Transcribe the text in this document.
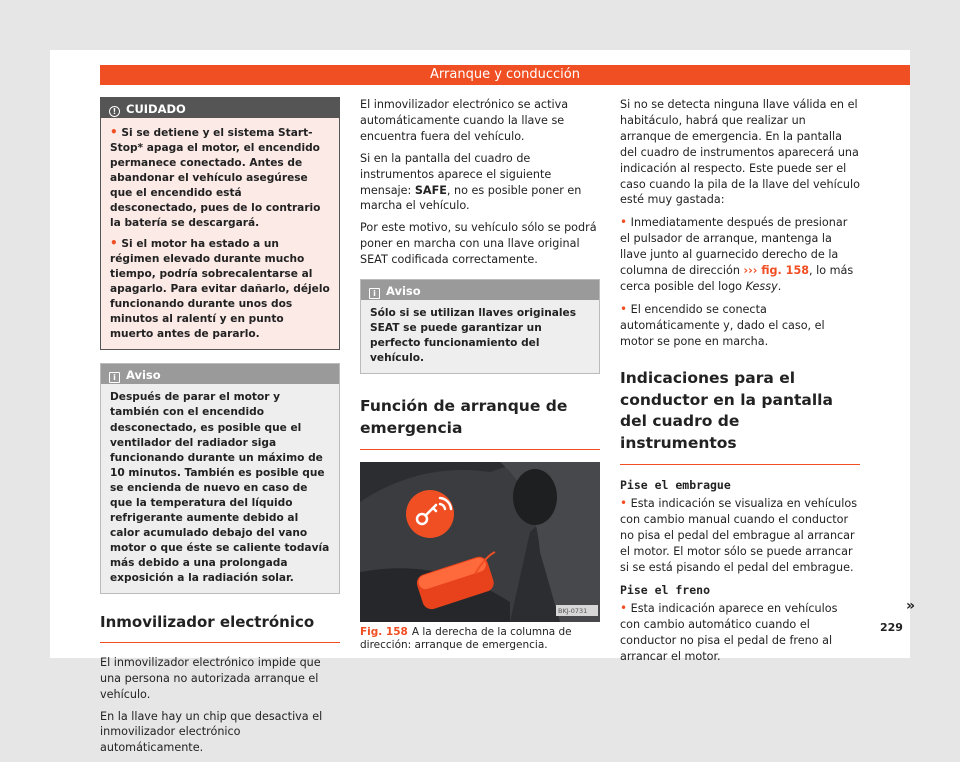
Arranque y conducción
! CUIDADO

• Si se detiene y el sistema Start-Stop* apaga el motor, el encendido permanece conectado. Antes de abandonar el vehículo asegúrese que el encendido está desconectado, pues de lo contrario la batería se descargará.

• Si el motor ha estado a un régimen elevado durante mucho tiempo, podría sobrecalentarse al apagarlo. Para evitar dañarlo, déjelo funcionando durante unos dos minutos al ralentí y en punto muerto antes de pararlo.

i Aviso

Después de parar el motor y también con el encendido desconectado, es posible que el ventilador del radiador siga funcionando durante un máximo de 10 minutos. También es posible que se encienda de nuevo en caso de que la temperatura del líquido refrigerante aumente debido al calor acumulado debajo del vano motor o que éste se caliente todavía más debido a una prolongada exposición a la radiación solar.

Inmovilizador electrónico

El inmovilizador electrónico impide que una persona no autorizada arranque el vehículo.

En la llave hay un chip que desactiva el inmovilizador electrónico automáticamente.

El inmovilizador electrónico se activa automáticamente cuando la llave se encuentra fuera del vehículo.

Si en la pantalla del cuadro de instrumentos aparece el siguiente mensaje: SAFE, no es posible poner en marcha el vehículo.

Por este motivo, su vehículo sólo se podrá poner en marcha con una llave original SEAT codificada correctamente.

i Aviso

Sólo si se utilizan llaves originales SEAT se puede garantizar un perfecto funcionamiento del vehículo.

Función de arranque de emergencia
BKJ-0731

Fig. 158 A la derecha de la columna de dirección: arranque de emergencia.

Si no se detecta ninguna llave válida en el habitáculo, habrá que realizar un arranque de emergencia. En la pantalla del cuadro de instrumentos aparecerá una indicación al respecto. Este puede ser el caso cuando la pila de la llave del vehículo esté muy gastada:

• Inmediatamente después de presionar el pulsador de arranque, mantenga la llave junto al guarnecido derecho de la columna de dirección ››› fig. 158, lo más cerca posible del logo Kessy.

• El encendido se conecta automáticamente y, dado el caso, el motor se pone en marcha.

Indicaciones para el conductor en la pantalla del cuadro de instrumentos
Pise el embrague

• Esta indicación se visualiza en vehículos con cambio manual cuando el conductor no pisa el pedal del embrague al arrancar el motor. El motor sólo se puede arrancar si se está pisando el pedal del embrague.

Pise el freno

• Esta indicación aparece en vehículos con cambio automático cuando el conductor no pisa el pedal de freno al arrancar el motor.

»
229
